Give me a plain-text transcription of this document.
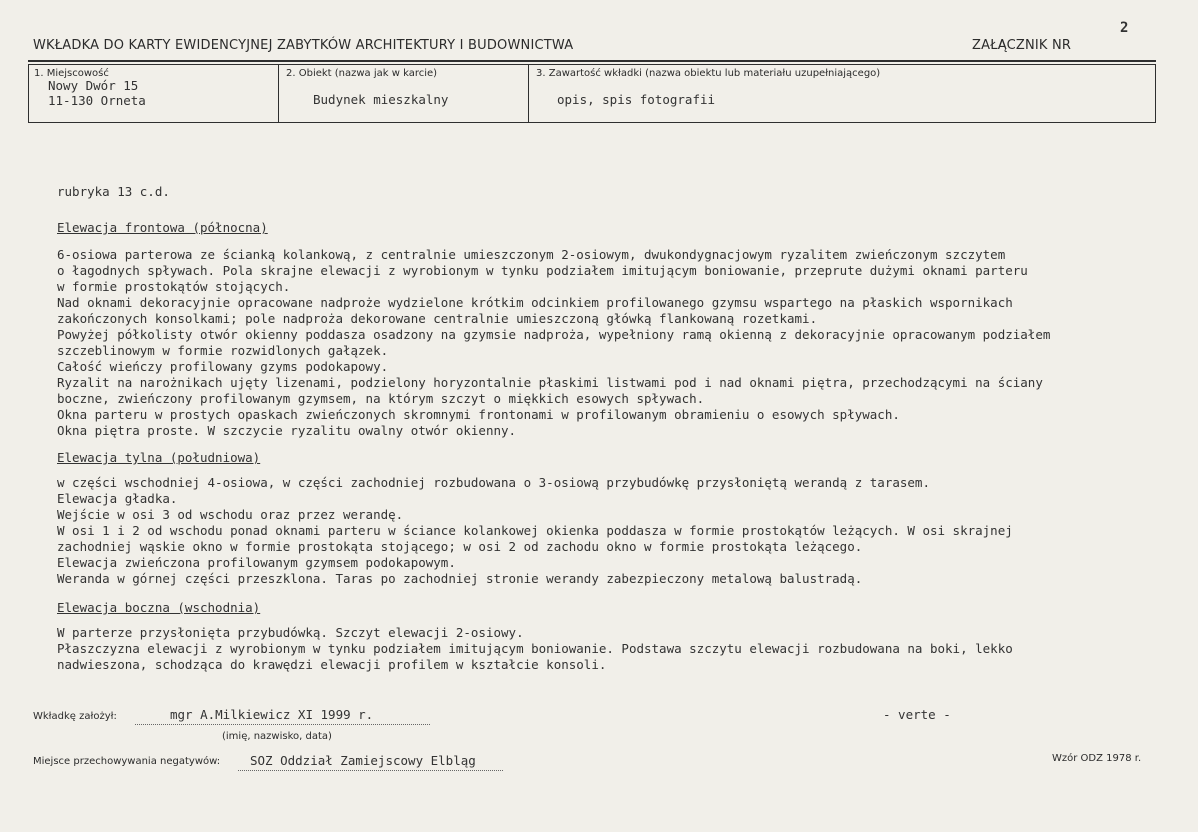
2
WKŁADKA DO KARTY EWIDENCYJNEJ ZABYTKÓW ARCHITEKTURY I BUDOWNICTWA	ZAŁĄCZNIK NR
1. Miejscowość
Nowy Dwór 15
11-130 Orneta
2. Obiekt (nazwa jak w karcie)
Budynek mieszkalny
3. Zawartość wkładki (nazwa obiektu lub materiału uzupełniającego)
opis, spis fotografii
rubryka 13 c.d.
Elewacja frontowa (północna)
6-osiowa parterowa ze ścianką kolankową, z centralnie umieszczonym 2-osiowym, dwukondygnacjowym ryzalitem zwieńczonym szczytem
o łagodnych spływach. Pola skrajne elewacji z wyrobionym w tynku podziałem imitującym boniowanie, przeprute dużymi oknami parteru
w formie prostokątów stojących.
Nad oknami dekoracyjnie opracowane nadproże wydzielone krótkim odcinkiem profilowanego gzymsu wspartego na płaskich wspornikach
zakończonych konsolkami; pole nadproża dekorowane centralnie umieszczoną główką flankowaną rozetkami.
Powyżej półkolisty otwór okienny poddasza osadzony na gzymsie nadproża, wypełniony ramą okienną z dekoracyjnie opracowanym podziałem
szczeblinowym w formie rozwidlonych gałązek.
Całość wieńczy profilowany gzyms podokapowy.
Ryzalit na narożnikach ujęty lizenami, podzielony horyzontalnie płaskimi listwami pod i nad oknami piętra, przechodzącymi na ściany
boczne, zwieńczony profilowanym gzymsem, na którym szczyt o miękkich esowych spływach.
Okna parteru w prostych opaskach zwieńczonych skromnymi frontonami w profilowanym obramieniu o esowych spływach.
Okna piętra proste. W szczycie ryzalitu owalny otwór okienny.
Elewacja tylna (południowa)
w części wschodniej 4-osiowa, w części zachodniej rozbudowana o 3-osiową przybudówkę przysłoniętą werandą z tarasem.
Elewacja gładka.
Wejście w osi 3 od wschodu oraz przez werandę.
W osi 1 i 2 od wschodu ponad oknami parteru w ściance kolankowej okienka poddasza w formie prostokątów leżących. W osi skrajnej
zachodniej wąskie okno w formie prostokąta stojącego; w osi 2 od zachodu okno w formie prostokąta leżącego.
Elewacja zwieńczona profilowanym gzymsem podokapowym.
Weranda w górnej części przeszklona. Taras po zachodniej stronie werandy zabezpieczony metalową balustradą.
Elewacja boczna (wschodnia)
W parterze przysłonięta przybudówką. Szczyt elewacji 2-osiowy.
Płaszczyzna elewacji z wyrobionym w tynku podziałem imitującym boniowanie. Podstawa szczytu elewacji rozbudowana na boki, lekko
nadwieszona, schodząca do krawędzi elewacji profilem w kształcie konsoli.
Wkładkę założył:	mgr A.Milkiewicz XI 1999 r.
(imię, nazwisko, data)
- verte -
Miejsce przechowywania negatywów: SOZ Oddział Zamiejscowy Elbląg	Wzór ODZ 1978 r.
